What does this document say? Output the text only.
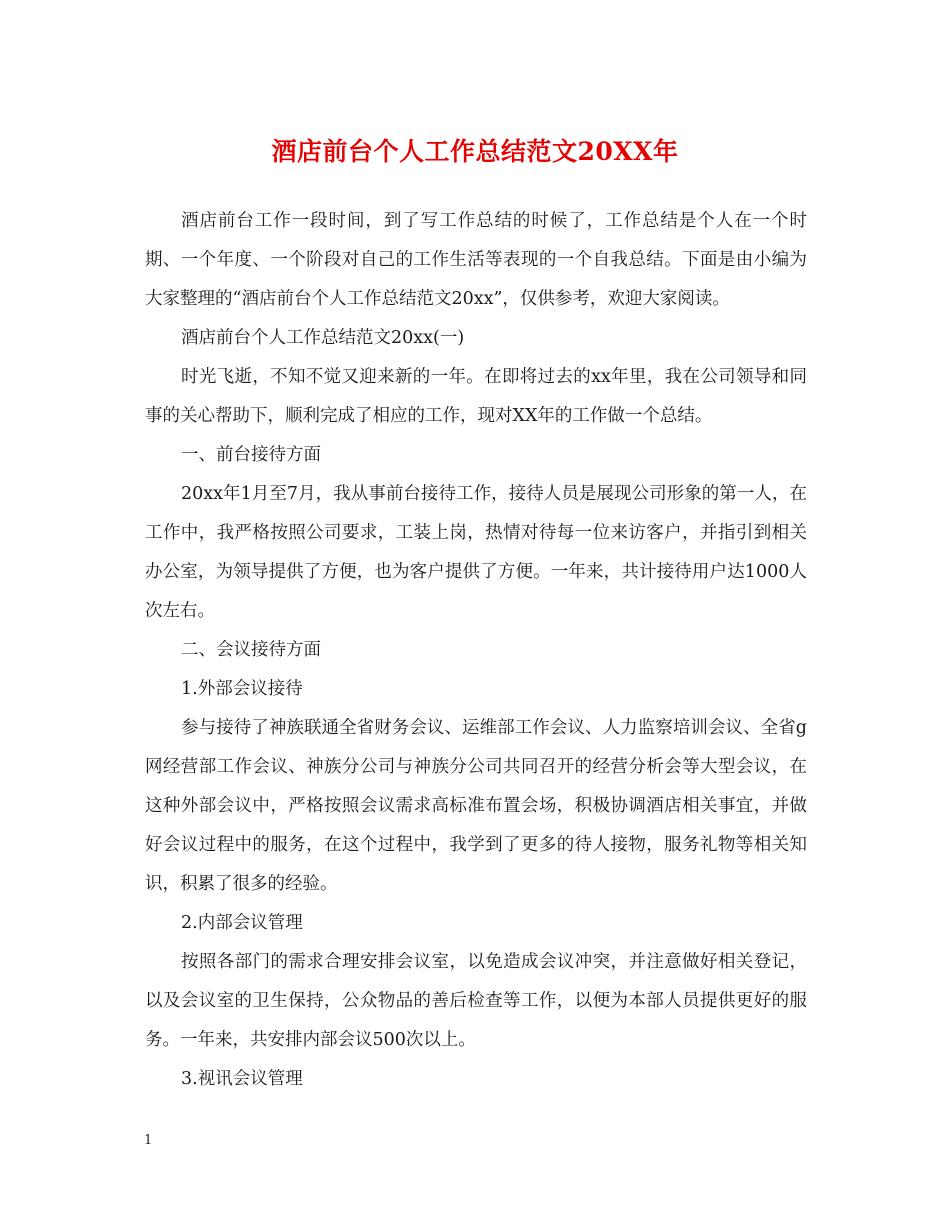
酒店前台个人工作总结范文20XX年

酒店前台工作一段时间，到了写工作总结的时候了，工作总结是个人在一个时期、一个年度、一个阶段对自己的工作生活等表现的一个自我总结。下面是由小编为大家整理的“酒店前台个人工作总结范文20xx”，仅供参考，欢迎大家阅读。

酒店前台个人工作总结范文20xx(一)

时光飞逝，不知不觉又迎来新的一年。在即将过去的xx年里，我在公司领导和同事的关心帮助下，顺利完成了相应的工作，现对XX年的工作做一个总结。

一、前台接待方面

20xx年1月至7月，我从事前台接待工作，接待人员是展现公司形象的第一人，在工作中，我严格按照公司要求，工装上岗，热情对待每一位来访客户，并指引到相关办公室，为领导提供了方便，也为客户提供了方便。一年来，共计接待用户达1000人次左右。

二、会议接待方面

1.外部会议接待

参与接待了神族联通全省财务会议、运维部工作会议、人力监察培训会议、全省g网经营部工作会议、神族分公司与神族分公司共同召开的经营分析会等大型会议，在这种外部会议中，严格按照会议需求高标准布置会场，积极协调酒店相关事宜，并做好会议过程中的服务，在这个过程中，我学到了更多的待人接物，服务礼物等相关知识，积累了很多的经验。

2.内部会议管理

按照各部门的需求合理安排会议室，以免造成会议冲突，并注意做好相关登记，以及会议室的卫生保持，公众物品的善后检查等工作，以便为本部人员提供更好的服务。一年来，共安排内部会议500次以上。

3.视讯会议管理

1
